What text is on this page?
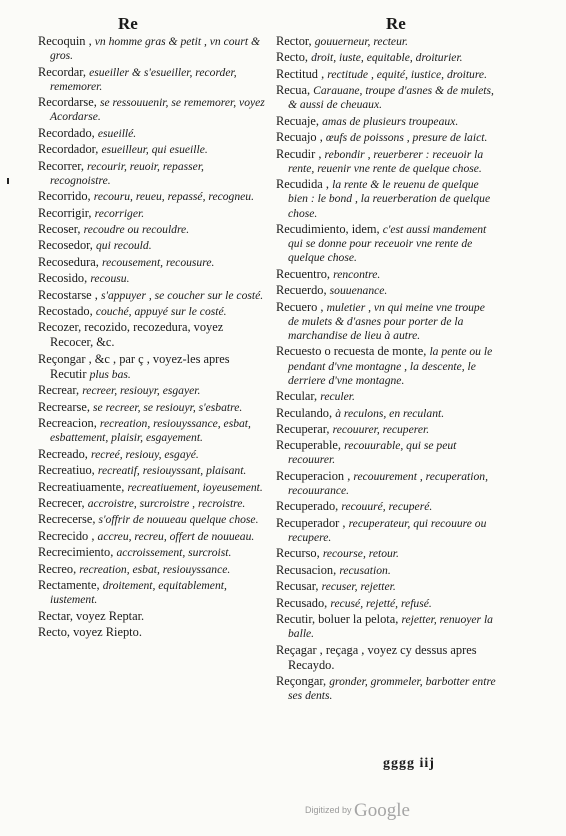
Re	Re
Recoquin , vn homme gras & petit , vn court & gros.
Recordar, esueiller & s'esueiller, recorder, rememorer.
Recordarse, se ressouuenir, se rememorer, voyez Acordarse.
Recordado, esueillé.
Recordador, esueilleur, qui esueille.
Recorrer, recourir, reuoir, repasser, recognoistre.
Recorrido, recouru, reueu, repassé, recogneu.
Recorrigir, recorriger.
Recoser, recoudre ou recouldre.
Recosedor, qui recould.
Recosedura, recousement, recousure.
Recosido, recousu.
Recostarse , s'appuyer , se coucher sur le costé.
Recostado, couché, appuyé sur le costé.
Recozer, recozido, recozedura, voyez Recocer, &c.
Reçongar , &c , par ç , voyez-les apres Recutir plus bas.
Recrear, recreer, resiouyr, esgayer.
Recrearse, se recreer, se resiouyr, s'esbatre.
Recreacion, recreation, resiouyssance, esbat, esbattement, plaisir, esgayement.
Recreado, recreé, resiouy, esgayé.
Recreatiuo, recreatif, resiouyssant, plaisant.
Recreatiuamente, recreatiuement, ioyeusement.
Recrecer, accroistre, surcroistre , recroistre.
Recrecerse, s'offrir de nouueau quelque chose.
Recrecido , accreu, recreu, offert de nouueau.
Recrecimiento, accroissement, surcroist.
Recreo, recreation, esbat, resiouyssance.
Rectamente, droitement, equitablement, iustement.
Rectar, voyez Reptar.
Recto, voyez Riepto.
Rector, gouuerneur, recteur.
Recto, droit, iuste, equitable, droiturier.
Rectitud , rectitude , equité, iustice, droiture.
Recua, Carauane, troupe d'asnes & de mulets, & aussi de cheuaux.
Recuaje, amas de plusieurs troupeaux.
Recuajo , œufs de poissons , presure de laict.
Recudir , rebondir , reuerberer : receuoir la rente, reuenir vne rente de quelque chose.
Recudida , la rente & le reuenu de quelque bien : le bond , la reuerberation de quelque chose.
Recudimiento, idem, c'est aussi mandement qui se donne pour receuoir vne rente de quelque chose.
Recuentro, rencontre.
Recuerdo, souuenance.
Recuero , muletier , vn qui meine vne troupe de mulets & d'asnes pour porter de la marchandise de lieu à autre.
Recuesto o recuesta de monte, la pente ou le pendant d'vne montagne , la descente, le derriere d'vne montagne.
Recular, reculer.
Reculando, à reculons, en reculant.
Recuperar, recouurer, recuperer.
Recuperable, recouurable, qui se peut recouurer.
Recuperacion , recouurement , recuperation, recouurance.
Recuperado, recouuré, recuperé.
Recuperador , recuperateur, qui recouure ou recupere.
Recurso, recourse, retour.
Recusacion, recusation.
Recusar, recuser, rejetter.
Recusado, recusé, rejetté, refusé.
Recutir, boluer la pelota, rejetter, renuoyer la balle.
Reçagar , reçaga , voyez cy dessus apres Recaydo.
Reçongar, gronder, grommeler, barbotter entre ses dents.
gggg iij
Digitized by Google
